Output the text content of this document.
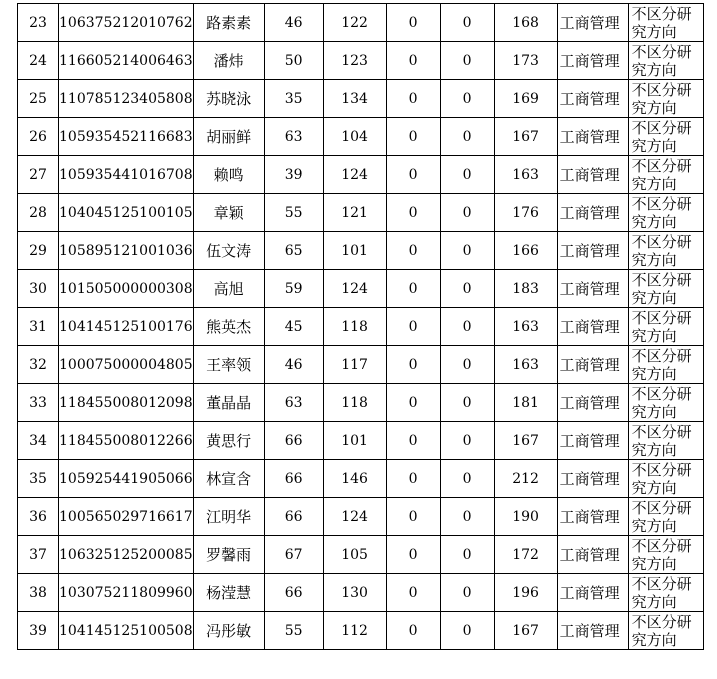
23	106375212010762	路素素	46	122	0	0	168	工商管理	不区分研究方向
24	116605214006463	潘炜	50	123	0	0	173	工商管理	不区分研究方向
25	110785123405808	苏晓泳	35	134	0	0	169	工商管理	不区分研究方向
26	105935452116683	胡丽鲜	63	104	0	0	167	工商管理	不区分研究方向
27	105935441016708	赖鸣	39	124	0	0	163	工商管理	不区分研究方向
28	104045125100105	章颖	55	121	0	0	176	工商管理	不区分研究方向
29	105895121001036	伍文涛	65	101	0	0	166	工商管理	不区分研究方向
30	101505000000308	高旭	59	124	0	0	183	工商管理	不区分研究方向
31	104145125100176	熊英杰	45	118	0	0	163	工商管理	不区分研究方向
32	100075000004805	王率领	46	117	0	0	163	工商管理	不区分研究方向
33	118455008012098	董晶晶	63	118	0	0	181	工商管理	不区分研究方向
34	118455008012266	黄思行	66	101	0	0	167	工商管理	不区分研究方向
35	105925441905066	林宣含	66	146	0	0	212	工商管理	不区分研究方向
36	100565029716617	江明华	66	124	0	0	190	工商管理	不区分研究方向
37	106325125200085	罗馨雨	67	105	0	0	172	工商管理	不区分研究方向
38	103075211809960	杨滢慧	66	130	0	0	196	工商管理	不区分研究方向
39	104145125100508	冯彤敏	55	112	0	0	167	工商管理	不区分研究方向
